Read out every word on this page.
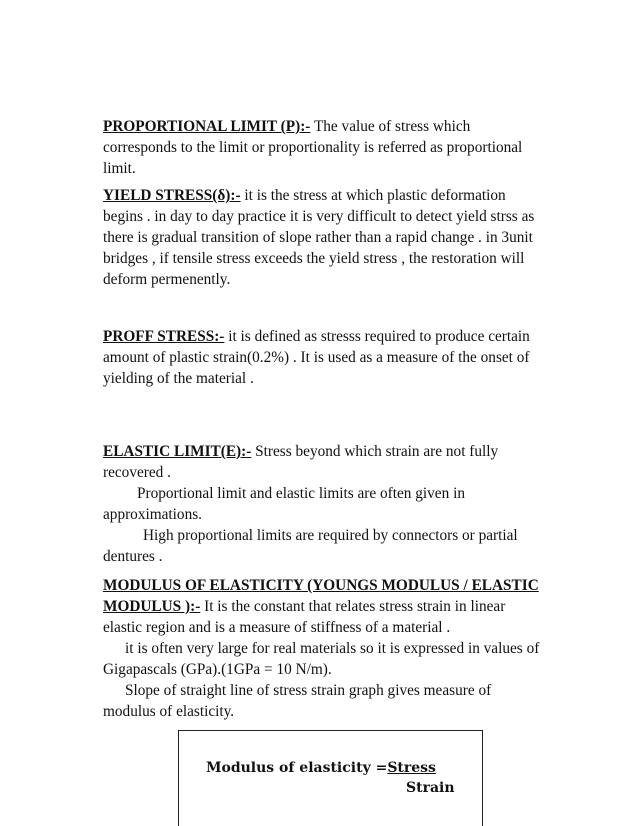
PROPORTIONAL LIMIT (P):- The value of stress which corresponds to the limit or proportionality is referred as proportional limit.
YIELD STRESS(δ):- it is the stress at which plastic deformation begins . in day to day practice it is very difficult to detect yield strss as there is gradual transition of slope rather than a rapid change . in 3unit bridges , if tensile stress exceeds the yield stress , the restoration will deform permenently.
PROFF STRESS:- it is defined as stresss required to produce certain amount of plastic strain(0.2%) . It is used as a measure of the onset of yielding of the material .
ELASTIC LIMIT(E):- Stress beyond which strain are not fully recovered .
Proportional limit and elastic limits are often given in approximations.
High proportional limits are required by connectors or partial dentures .
MODULUS OF ELASTICITY (YOUNGS MODULUS / ELASTIC MODULUS ):- It is the constant that relates stress strain in linear elastic region and is a measure of stiffness of a material .
it is often very large for real materials so it is expressed in values of Gigapascals (GPa).(1GPa = 10 N/m).
Slope of straight line of stress strain graph gives measure of modulus of elasticity.
Modulus of elasticity =Stress
Strain
